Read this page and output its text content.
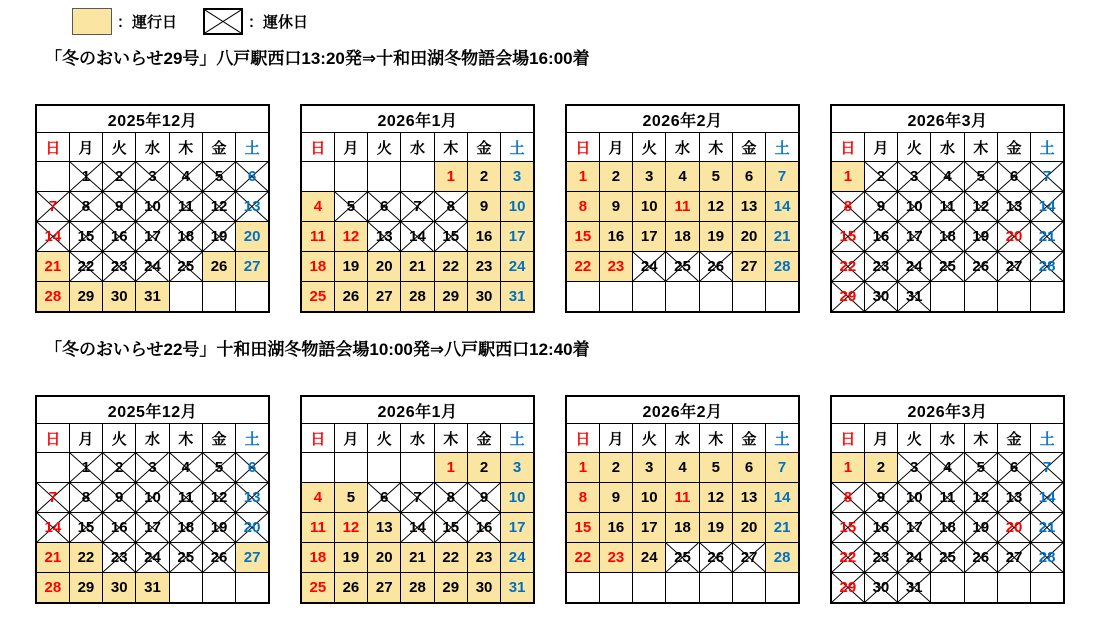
：運行日	：運休日
「冬のおいらせ29号」八戸駅西口13:20発⇒十和田湖冬物語会場16:00着
2025年12月						
日	月	火	水	木	金	土
	1	2	3	4	5	6

7	8	9	10	11	12	13

14	15	16	17	18	19	20
21	22	23	24	25	26	27
28	29	30	31			
2026年1月						
日	月	火	水	木	金	土
				1	2	3
4	5	6	7	8	9	10
11	12	13	14	15	16	17
18	19	20	21	22	23	24
25	26	27	28	29	30	31
2026年2月						
日	月	火	水	木	金	土
1	2	3	4	5	6	7
8	9	10	11	12	13	14
15	16	17	18	19	20	21
22	23	24	25	26	27	28

2026年3月						
日	月	火	水	木	金	土
1	2	3	4	5	6	7

8	9	10	11	12	13	14

15	16	17	18	19	20	21

22	23	24	25	26	27	28

29	30	31

「冬のおいらせ22号」十和田湖冬物語会場10:00発⇒八戸駅西口12:40着
2025年12月						
日	月	火	水	木	金	土
	1	2	3	4	5	6

7	8	9	10	11	12	13

14	15	16	17	18	19	20

21	22	23	24	25	26	27
28	29	30	31			
2026年1月						
日	月	火	水	木	金	土
				1	2	3
4	5	6	7	8	9	10
11	12	13	14	15	16	17
18	19	20	21	22	23	24
25	26	27	28	29	30	31
2026年2月						
日	月	火	水	木	金	土
1	2	3	4	5	6	7
8	9	10	11	12	13	14
15	16	17	18	19	20	21
22	23	24	25	26	27	28

2026年3月						
日	月	火	水	木	金	土
1	2	3	4	5	6	7

8	9	10	11	12	13	14

15	16	17	18	19	20	21

22	23	24	25	26	27	28

29	30	31
